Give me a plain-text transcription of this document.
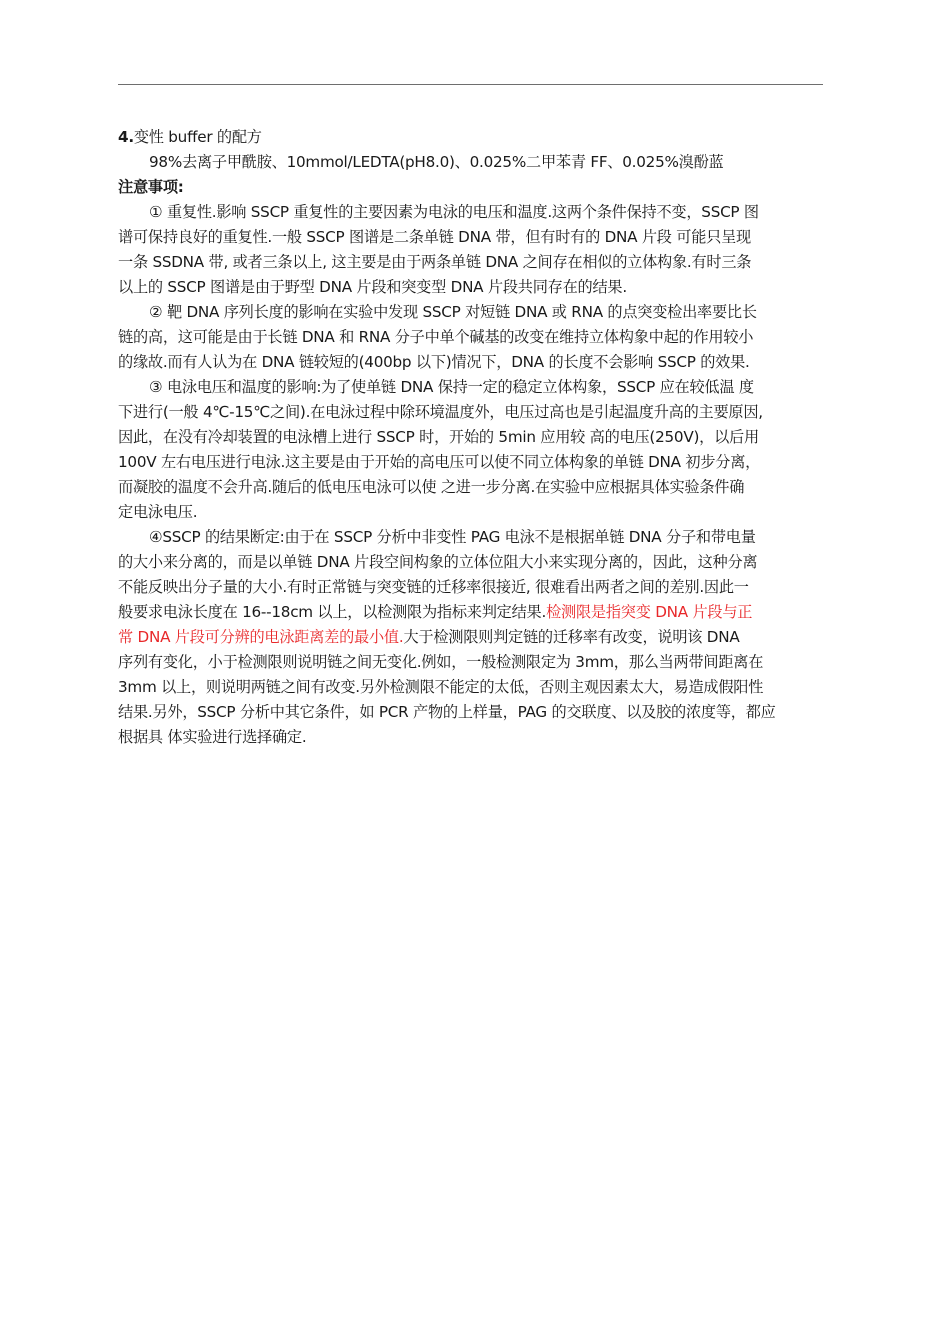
4.变性 buffer 的配方
98%去离子甲酰胺、10mmol/LEDTA(pH8.0)、0.025%二甲苯青 FF、0.025%溴酚蓝
注意事项:
① 重复性.影响 SSCP 重复性的主要因素为电泳的电压和温度.这两个条件保持不变，SSCP 图
谱可保持良好的重复性.一般 SSCP 图谱是二条单链 DNA 带，但有时有的 DNA 片段 可能只呈现
一条 SSDNA 带, 或者三条以上, 这主要是由于两条单链 DNA 之间存在相似的立体构象.有时三条
以上的 SSCP 图谱是由于野型 DNA 片段和突变型 DNA 片段共同存在的结果.
② 靶 DNA 序列长度的影响在实验中发现 SSCP 对短链 DNA 或 RNA 的点突变检出率要比长
链的高，这可能是由于长链 DNA 和 RNA 分子中单个碱基的改变在维持立体构象中起的作用较小
的缘故.而有人认为在 DNA 链较短的(400bp 以下)情况下，DNA 的长度不会影响 SSCP 的效果.
③ 电泳电压和温度的影响:为了使单链 DNA 保持一定的稳定立体构象，SSCP 应在较低温 度
下进行(一般 4℃-15℃之间).在电泳过程中除环境温度外，电压过高也是引起温度升高的主要原因,
因此，在没有冷却装置的电泳槽上进行 SSCP 时，开始的 5min 应用较 高的电压(250V)，以后用
100V 左右电压进行电泳.这主要是由于开始的高电压可以使不同立体构象的单链 DNA 初步分离，
而凝胶的温度不会升高.随后的低电压电泳可以使 之进一步分离.在实验中应根据具体实验条件确
定电泳电压.
④SSCP 的结果断定:由于在 SSCP 分析中非变性 PAG 电泳不是根据单链 DNA 分子和带电量
的大小来分离的，而是以单链 DNA 片段空间构象的立体位阻大小来实现分离的，因此，这种分离
不能反映出分子量的大小.有时正常链与突变链的迁移率很接近, 很难看出两者之间的差别.因此一
般要求电泳长度在 16--18cm 以上，以检测限为指标来判定结果.检测限是指突变 DNA 片段与正
常 DNA 片段可分辨的电泳距离差的最小值.大于检测限则判定链的迁移率有改变，说明该 DNA
序列有变化，小于检测限则说明链之间无变化.例如，一般检测限定为 3mm，那么当两带间距离在
3mm 以上，则说明两链之间有改变.另外检测限不能定的太低，否则主观因素太大，易造成假阳性
结果.另外，SSCP 分析中其它条件，如 PCR 产物的上样量，PAG 的交联度、以及胶的浓度等，都应
根据具 体实验进行选择确定.
